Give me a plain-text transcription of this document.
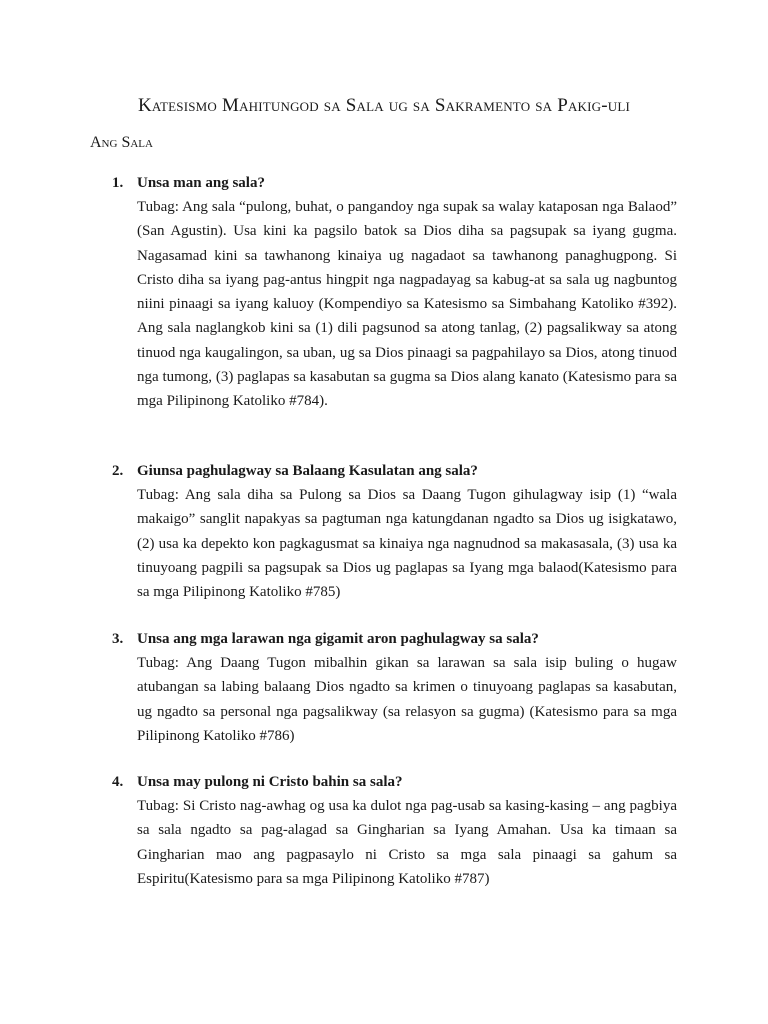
Katesismo Mahitungod sa Sala ug sa Sakramento sa Pakig-uli
Ang Sala
1. Unsa man ang sala?
Tubag: Ang sala “pulong, buhat, o pangandoy nga supak sa walay kataposan nga Balaod” (San Agustin). Usa kini ka pagsilo batok sa Dios diha sa pagsupak sa iyang gugma. Nagasamad kini sa tawhanong kinaiya ug nagadaot sa tawhanong panaghugpong. Si Cristo diha sa iyang pag-antus hingpit nga nagpadayag sa kabug-at sa sala ug nagbuntog niini pinaagi sa iyang kaluoy (Kompendiyo sa Katesismo sa Simbahang Katoliko #392). Ang sala naglangkob kini sa (1) dili pagsunod sa atong tanlag, (2) pagsalikway sa atong tinuod nga kaugalingon, sa uban, ug sa Dios pinaagi sa pagpahilayo sa Dios, atong tinuod nga tumong, (3) paglapas sa kasabutan sa gugma sa Dios alang kanato (Katesismo para sa mga Pilipinong Katoliko #784).
2. Giunsa paghulagway sa Balaang Kasulatan ang sala?
Tubag: Ang sala diha sa Pulong sa Dios sa Daang Tugon gihulagway isip (1) “wala makaigo” sanglit napakyas sa pagtuman nga katungdanan ngadto sa Dios ug isigkatawo, (2) usa ka depekto kon pagkagusmat sa kinaiya nga nagnudnod sa makasasala, (3) usa ka tinuyoang pagpili sa pagsupak sa Dios ug paglapas sa Iyang mga balaod(Katesismo para sa mga Pilipinong Katoliko #785)
3. Unsa ang mga larawan nga gigamit aron paghulagway sa sala?
Tubag: Ang Daang Tugon mibalhin gikan sa larawan sa sala isip buling o hugaw atubangan sa labing balaang Dios ngadto sa krimen o tinuyoang paglapas sa kasabutan, ug ngadto sa personal nga pagsalikway (sa relasyon sa gugma) (Katesismo para sa mga Pilipinong Katoliko #786)
4. Unsa may pulong ni Cristo bahin sa sala?
Tubag: Si Cristo nag-awhag og usa ka dulot nga pag-usab sa kasing-kasing – ang pagbiya sa sala ngadto sa pag-alagad sa Gingharian sa Iyang Amahan. Usa ka timaan sa Gingharian mao ang pagpasaylo ni Cristo sa mga sala pinaagi sa gahum sa Espiritu(Katesismo para sa mga Pilipinong Katoliko #787)
